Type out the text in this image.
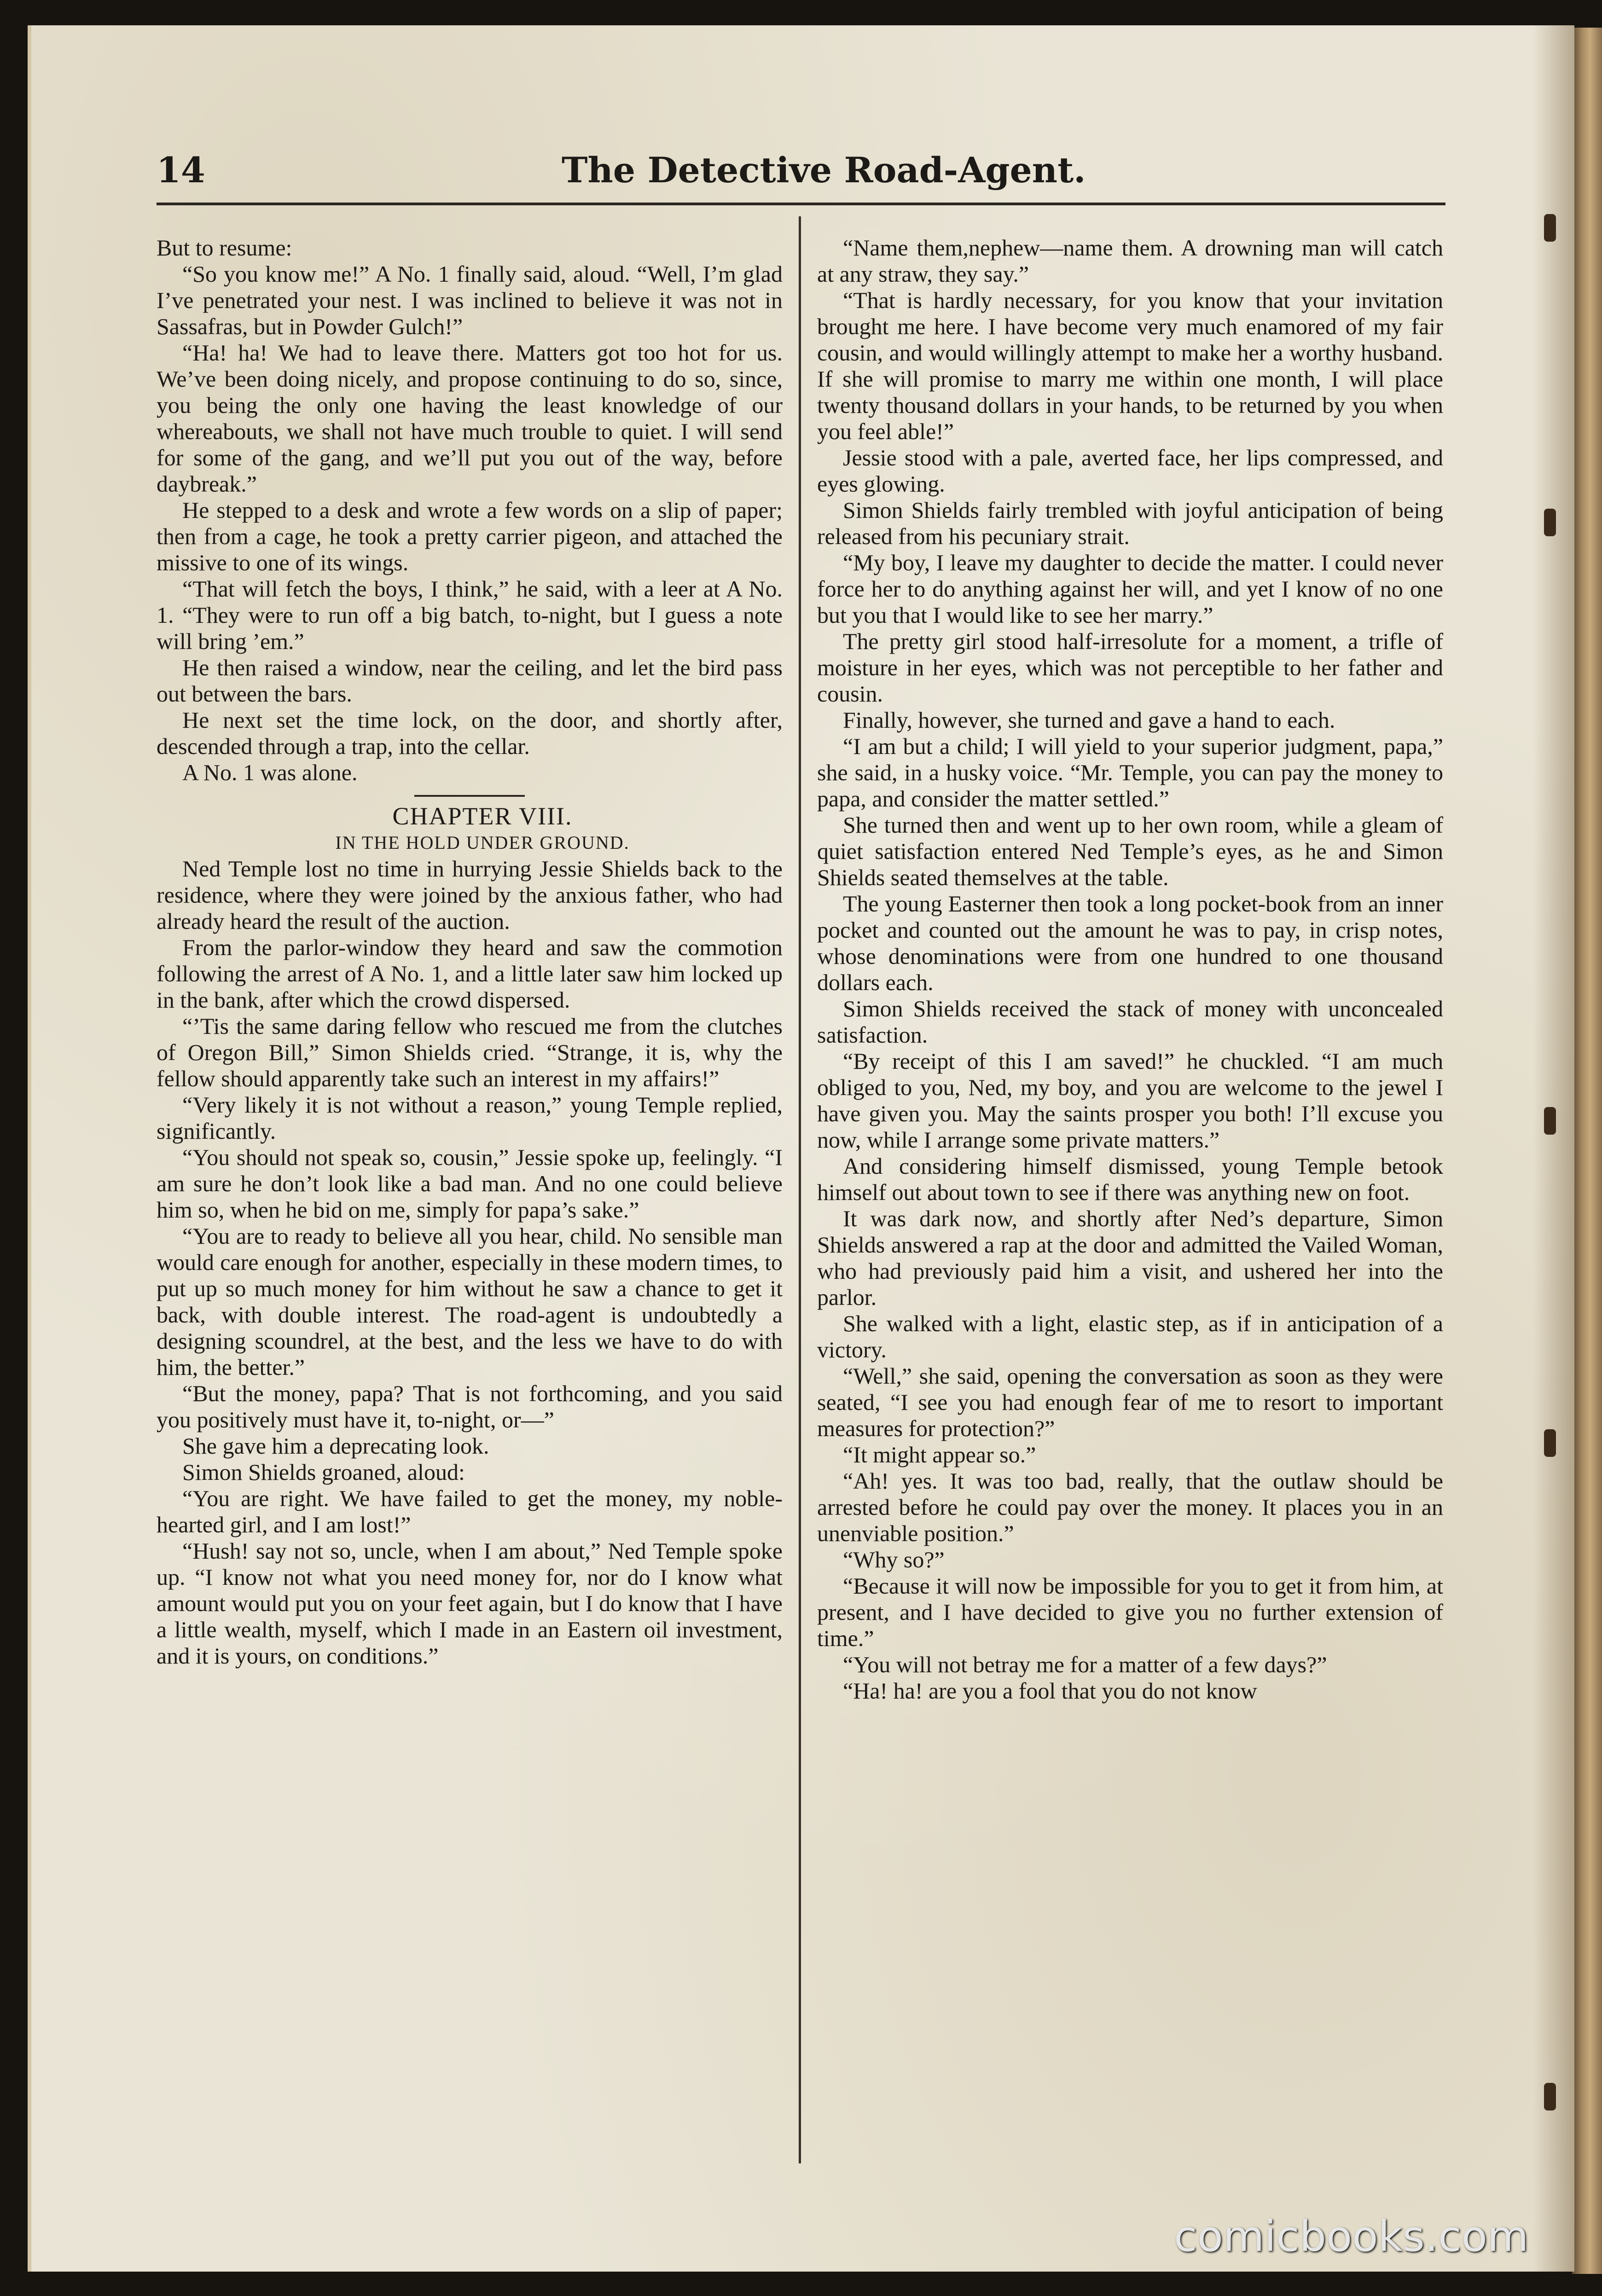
14	The Detective Road-Agent.

But to resume:

“So you know me!” A No. 1 finally said, aloud. “Well, I’m glad I’ve penetrated your nest. I was inclined to believe it was not in Sassafras, but in Powder Gulch!”

“Ha! ha! We had to leave there. Matters got too hot for us. We’ve been doing nicely, and propose continuing to do so, since, you being the only one having the least knowledge of our whereabouts, we shall not have much trouble to quiet. I will send for some of the gang, and we’ll put you out of the way, before daybreak.”

He stepped to a desk and wrote a few words on a slip of paper; then from a cage, he took a pretty carrier pigeon, and attached the missive to one of its wings.

“That will fetch the boys, I think,” he said, with a leer at A No. 1. “They were to run off a big batch, to-night, but I guess a note will bring ’em.”

He then raised a window, near the ceiling, and let the bird pass out between the bars.

He next set the time lock, on the door, and shortly after, descended through a trap, into the cellar.

A No. 1 was alone.

CHAPTER VIII.

IN THE HOLD UNDER GROUND.

Ned Temple lost no time in hurrying Jessie Shields back to the residence, where they were joined by the anxious father, who had already heard the result of the auction.

From the parlor-window they heard and saw the commotion following the arrest of A No. 1, and a little later saw him locked up in the bank, after which the crowd dispersed.

“’Tis the same daring fellow who rescued me from the clutches of Oregon Bill,” Simon Shields cried. “Strange, it is, why the fellow should apparently take such an interest in my affairs!”

“Very likely it is not without a reason,” young Temple replied, significantly.

“You should not speak so, cousin,” Jessie spoke up, feelingly. “I am sure he don’t look like a bad man. And no one could believe him so, when he bid on me, simply for papa’s sake.”

“You are to ready to believe all you hear, child. No sensible man would care enough for another, especially in these modern times, to put up so much money for him without he saw a chance to get it back, with double interest. The road-agent is undoubtedly a designing scoundrel, at the best, and the less we have to do with him, the better.”

“But the money, papa? That is not forthcoming, and you said you positively must have it, to-night, or—”

She gave him a deprecating look.

Simon Shields groaned, aloud:

“You are right. We have failed to get the money, my noble-hearted girl, and I am lost!”

“Hush! say not so, uncle, when I am about,” Ned Temple spoke up. “I know not what you need money for, nor do I know what amount would put you on your feet again, but I do know that I have a little wealth, myself, which I made in an Eastern oil investment, and it is yours, on conditions.”

“Name them,nephew—name them. A drowning man will catch at any straw, they say.”

“That is hardly necessary, for you know that your invitation brought me here. I have become very much enamored of my fair cousin, and would willingly attempt to make her a worthy husband. If she will promise to marry me within one month, I will place twenty thousand dollars in your hands, to be returned by you when you feel able!”

Jessie stood with a pale, averted face, her lips compressed, and eyes glowing.

Simon Shields fairly trembled with joyful anticipation of being released from his pecuniary strait.

“My boy, I leave my daughter to decide the matter. I could never force her to do anything against her will, and yet I know of no one but you that I would like to see her marry.”

The pretty girl stood half-irresolute for a moment, a trifle of moisture in her eyes, which was not perceptible to her father and cousin.

Finally, however, she turned and gave a hand to each.

“I am but a child; I will yield to your superior judgment, papa,” she said, in a husky voice. “Mr. Temple, you can pay the money to papa, and consider the matter settled.”

She turned then and went up to her own room, while a gleam of quiet satisfaction entered Ned Temple’s eyes, as he and Simon Shields seated themselves at the table.

The young Easterner then took a long pocket-book from an inner pocket and counted out the amount he was to pay, in crisp notes, whose denominations were from one hundred to one thousand dollars each.

Simon Shields received the stack of money with unconcealed satisfaction.

“By receipt of this I am saved!” he chuckled. “I am much obliged to you, Ned, my boy, and you are welcome to the jewel I have given you. May the saints prosper you both! I’ll excuse you now, while I arrange some private matters.”

And considering himself dismissed, young Temple betook himself out about town to see if there was anything new on foot.

It was dark now, and shortly after Ned’s departure, Simon Shields answered a rap at the door and admitted the Vailed Woman, who had previously paid him a visit, and ushered her into the parlor.

She walked with a light, elastic step, as if in anticipation of a victory.

“Well,” she said, opening the conversation as soon as they were seated, “I see you had enough fear of me to resort to important measures for protection?”

“It might appear so.”

“Ah! yes. It was too bad, really, that the outlaw should be arrested before he could pay over the money. It places you in an unenviable position.”

“Why so?”

“Because it will now be impossible for you to get it from him, at present, and I have decided to give you no further extension of time.”

“You will not betray me for a matter of a few days?”

“Ha! ha! are you a fool that you do not know

comicbooks.com
